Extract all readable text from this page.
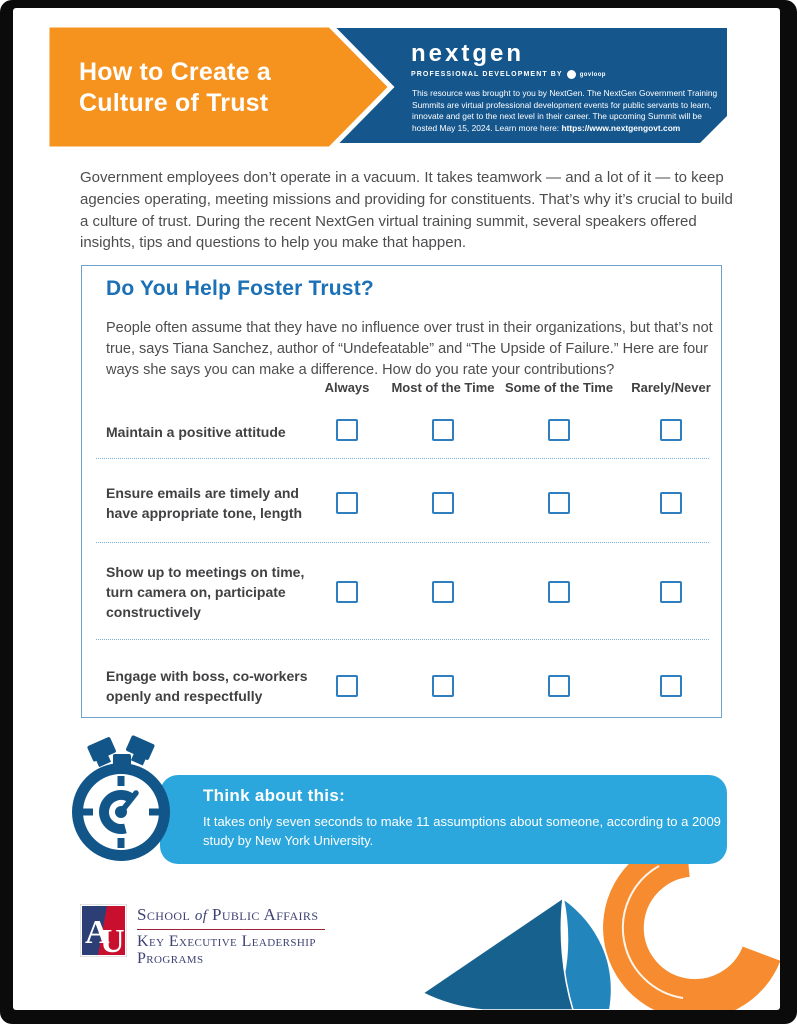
How to Create a
Culture of Trust
nextgen
PROFESSIONAL DEVELOPMENT BY	govloop
This resource was brought to you by NextGen. The NextGen Government Training Summits are virtual professional development events for public servants to learn, innovate and get to the next level in their career. The upcoming Summit will be hosted May 15, 2024. Learn more here: https://www.nextgengovt.com

Government employees don’t operate in a vacuum. It takes teamwork — and a lot of it — to keep agencies operating, meeting missions and providing for constituents. That’s why it’s crucial to build a culture of trust. During the recent NextGen virtual training summit, several speakers offered insights, tips and questions to help you make that happen.

Do You Help Foster Trust?
People often assume that they have no influence over trust in their organizations, but that’s not true, says Tiana Sanchez, author of “Undefeatable” and “The Upside of Failure.” Here are four ways she says you can make a difference. How do you rate your contributions?
Always Most of the Time Some of the Time Rarely/Never
Maintain a positive attitude
Ensure emails are timely and have appropriate tone, length
Show up to meetings on time, turn camera on, participate constructively
Engage with boss, co-workers openly and respectfully
Think about this:
It takes only seven seconds to make 11 assumptions about someone, according to a 2009 study by New York University.
A
U
School of Public Affairs
Key Executive Leadership
Programs
